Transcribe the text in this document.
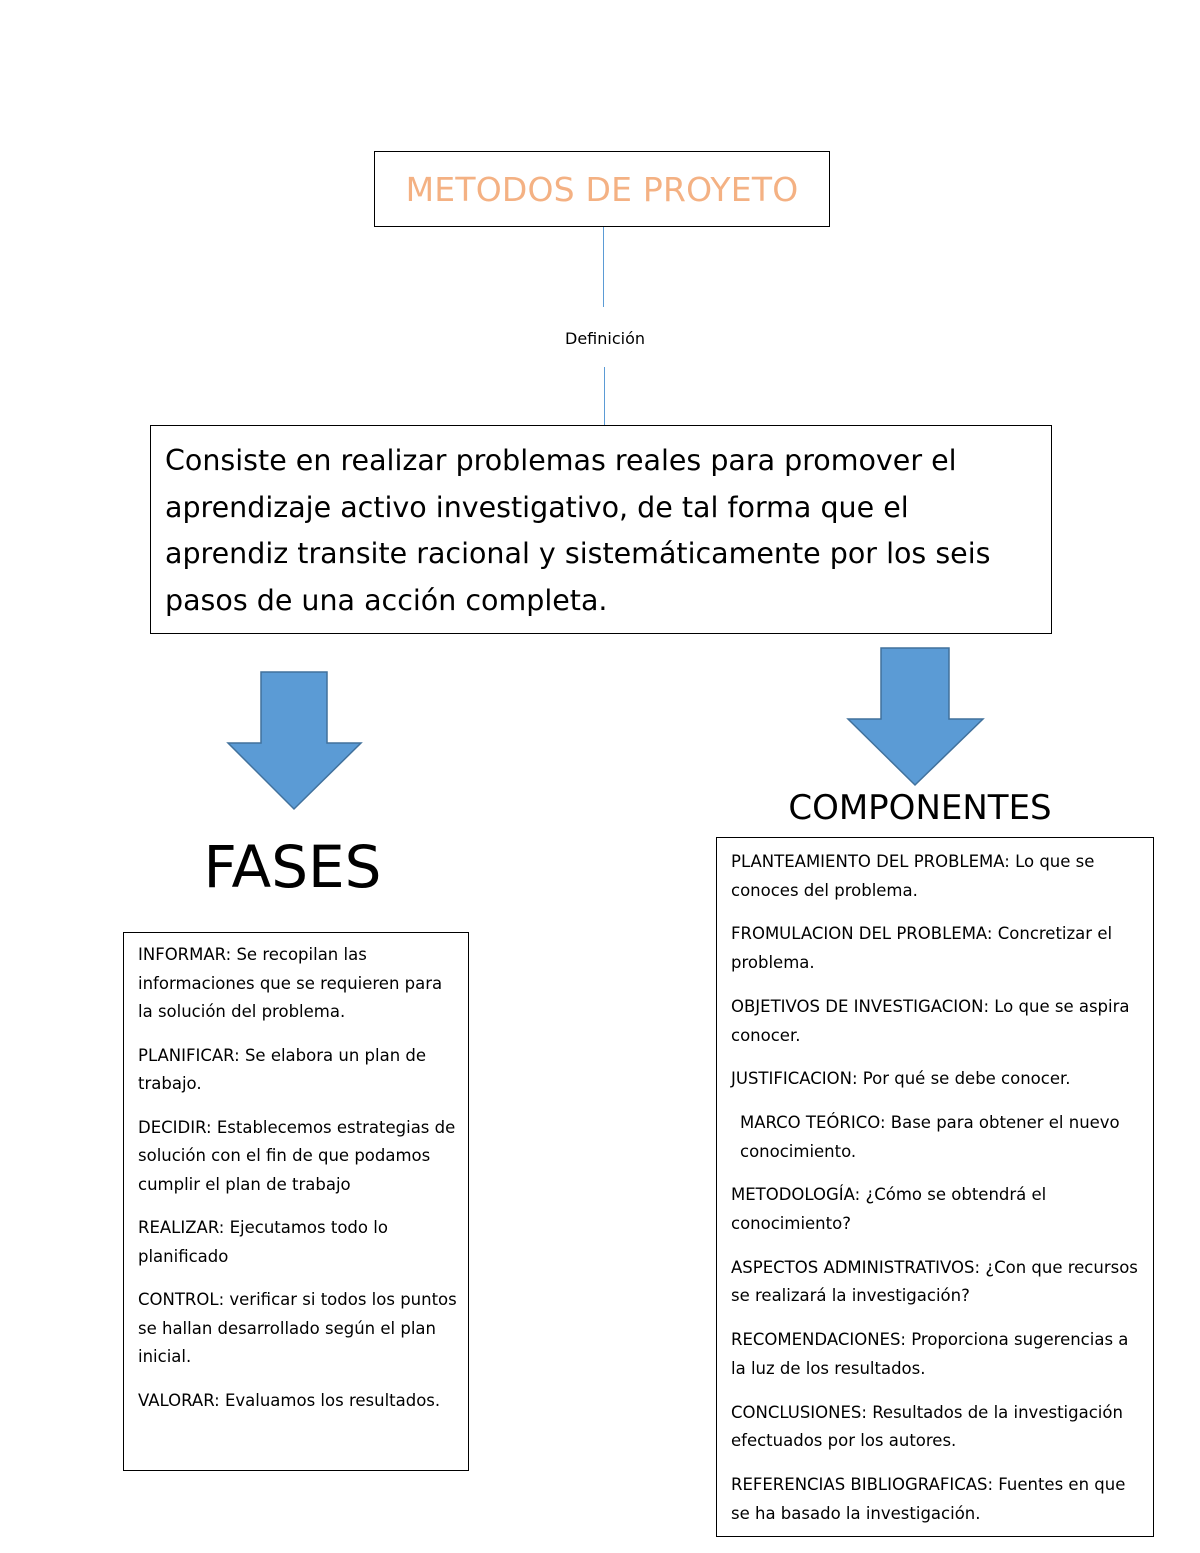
METODOS DE PROYETO
Definición
Consiste en realizar problemas reales para promover el aprendizaje activo investigativo, de tal forma que el aprendiz transite racional y sistemáticamente por los seis pasos de una acción completa.
FASES
COMPONENTES

INFORMAR: Se recopilan las informaciones que se requieren para la solución del problema.

PLANIFICAR: Se elabora un plan de trabajo.

DECIDIR: Establecemos estrategias de solución con el fin de que podamos cumplir el plan de trabajo

REALIZAR: Ejecutamos todo lo planificado

CONTROL: verificar si todos los puntos se hallan desarrollado según el plan inicial.

VALORAR: Evaluamos los resultados.

PLANTEAMIENTO DEL PROBLEMA: Lo que se conoces del problema.

FROMULACION DEL PROBLEMA: Concretizar el problema.

OBJETIVOS DE INVESTIGACION: Lo que se aspira conocer.

JUSTIFICACION: Por qué se debe conocer.

MARCO TEÓRICO: Base para obtener el nuevo conocimiento.

METODOLOGÍA: ¿Cómo se obtendrá el conocimiento?

ASPECTOS ADMINISTRATIVOS: ¿Con que recursos se realizará la investigación?

RECOMENDACIONES: Proporciona sugerencias a la luz de los resultados.

CONCLUSIONES: Resultados de la investigación efectuados por los autores.

REFERENCIAS BIBLIOGRAFICAS: Fuentes en que se ha basado la investigación.
